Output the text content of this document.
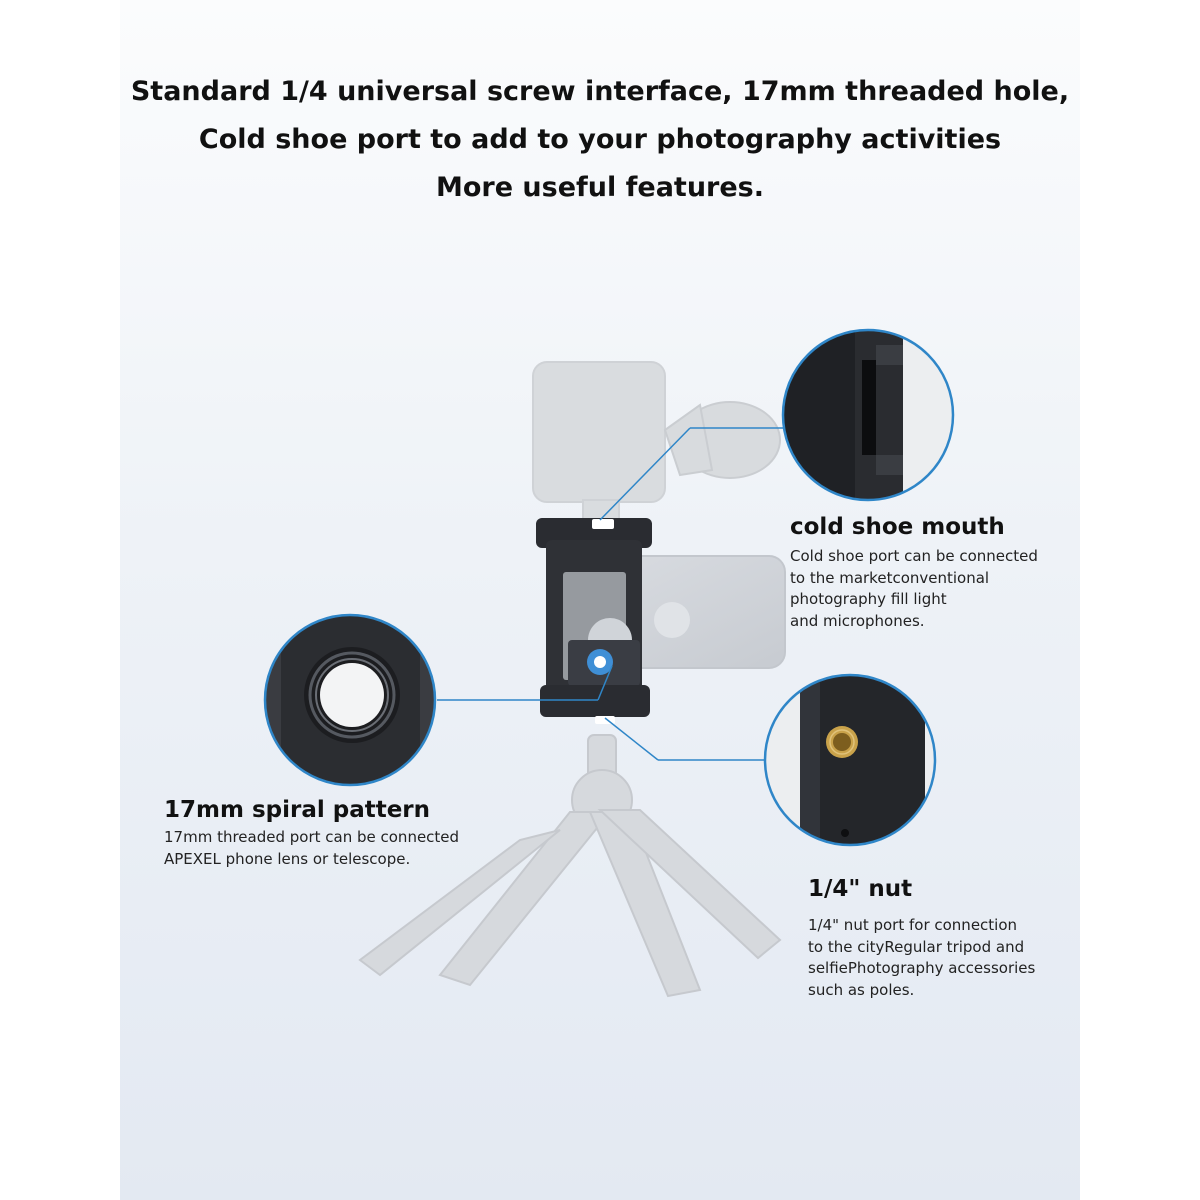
Standard 1/4 universal screw interface, 17mm threaded hole,
Cold shoe port to add to your photography activities
More useful features.
cold shoe mouth
Cold shoe port can be connected
to the marketconventional
photography fill light
and microphones.
17mm spiral pattern
17mm threaded port can be connected
APEXEL phone lens or telescope.
1/4" nut
1/4" nut port for connection
to the cityRegular tripod and
selfiePhotography accessories
such as poles.
